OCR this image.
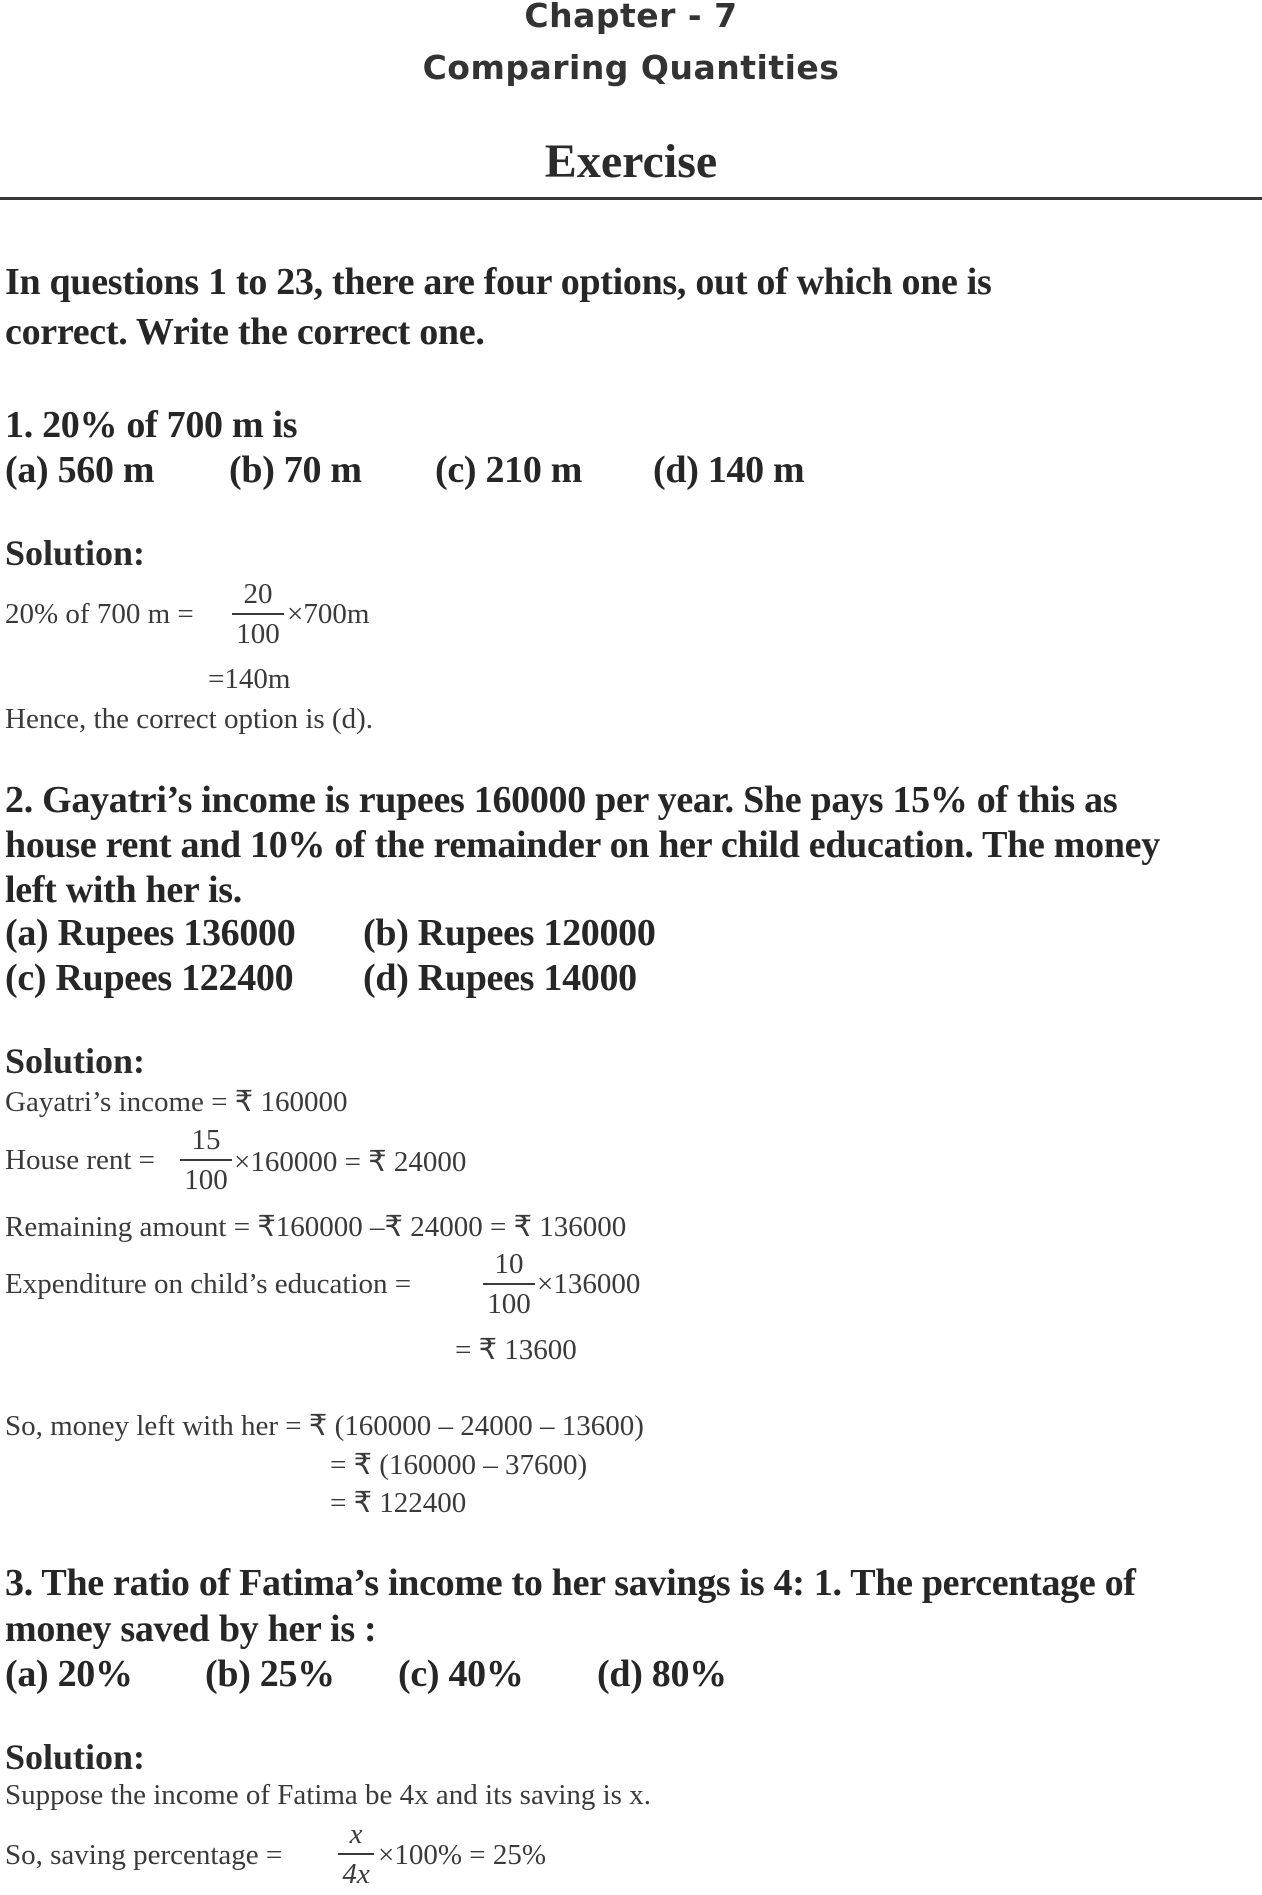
Chapter - 7
Comparing Quantities
Exercise
In questions 1 to 23, there are four options, out of which one is
correct. Write the correct one.
1. 20% of 700 m is
(a) 560 m (b) 70 m (c) 210 m (d) 140 m
Solution:
20% of 700 m =
20
100
×700m
=140m
Hence, the correct option is (d).
2. Gayatri’s income is rupees 160000 per year. She pays 15% of this as
house rent and 10% of the remainder on her child education. The money
left with her is.
(a) Rupees 136000 (b) Rupees 120000
(c) Rupees 122400 (d) Rupees 14000
Solution:
Gayatri’s income = ₹ 160000
House rent =
15
100
×160000 = ₹ 24000
Remaining amount = ₹160000 –₹ 24000 = ₹ 136000
Expenditure on child’s education =
10
100
×136000
= ₹ 13600
So, money left with her = ₹ (160000 – 24000 – 13600)
= ₹ (160000 – 37600)
= ₹ 122400
3. The ratio of Fatima’s income to her savings is 4: 1. The percentage of
money saved by her is :
(a) 20% (b) 25% (c) 40% (d) 80%
Solution:
Suppose the income of Fatima be 4x and its saving is x.
So, saving percentage =
x
4x
×100% = 25%
